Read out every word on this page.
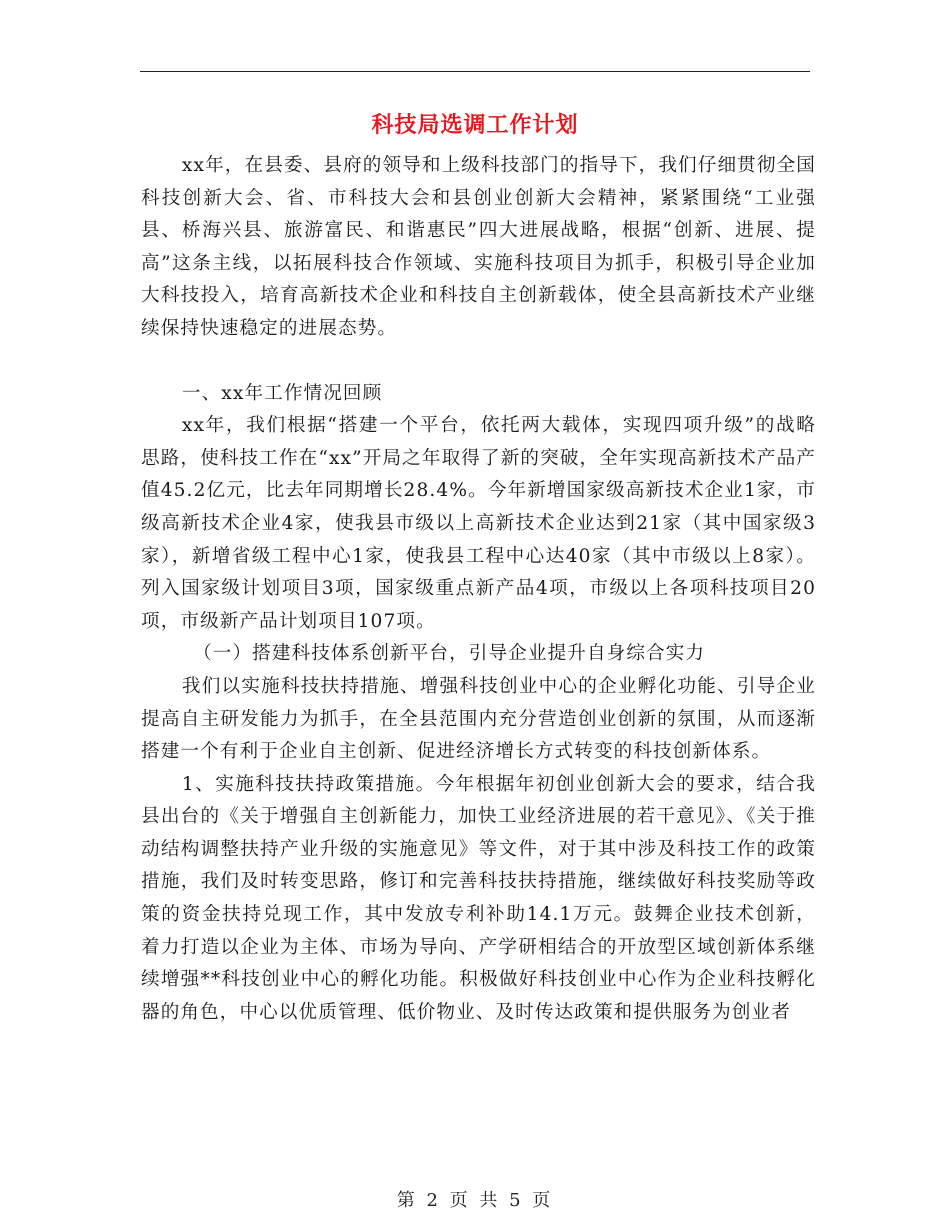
科技局选调工作计划

xx年，在县委、县府的领导和上级科技部门的指导下，我们仔细贯彻全国科技创新大会、省、市科技大会和县创业创新大会精神，紧紧围绕“工业强县、桥海兴县、旅游富民、和谐惠民”四大进展战略，根据“创新、进展、提高”这条主线，以拓展科技合作领域、实施科技项目为抓手，积极引导企业加大科技投入，培育高新技术企业和科技自主创新载体，使全县高新技术产业继续保持快速稳定的进展态势。

一、xx年工作情况回顾

xx年，我们根据“搭建一个平台，依托两大载体，实现四项升级”的战略思路，使科技工作在“xx”开局之年取得了新的突破，全年实现高新技术产品产值45.2亿元，比去年同期增长28.4%。今年新增国家级高新技术企业1家，市级高新技术企业4家，使我县市级以上高新技术企业达到21家（其中国家级3家），新增省级工程中心1家，使我县工程中心达40家（其中市级以上8家）。列入国家级计划项目3项，国家级重点新产品4项，市级以上各项科技项目20项，市级新产品计划项目107项。

（一）搭建科技体系创新平台，引导企业提升自身综合实力

我们以实施科技扶持措施、增强科技创业中心的企业孵化功能、引导企业提高自主研发能力为抓手，在全县范围内充分营造创业创新的氛围，从而逐渐搭建一个有利于企业自主创新、促进经济增长方式转变的科技创新体系。

1、实施科技扶持政策措施。今年根据年初创业创新大会的要求，结合我县出台的《关于增强自主创新能力，加快工业经济进展的若干意见》、《关于推动结构调整扶持产业升级的实施意见》等文件，对于其中涉及科技工作的政策措施，我们及时转变思路，修订和完善科技扶持措施，继续做好科技奖励等政策的资金扶持兑现工作，其中发放专利补助14.1万元。鼓舞企业技术创新，着力打造以企业为主体、市场为导向、产学研相结合的开放型区域创新体系继续增强**科技创业中心的孵化功能。积极做好科技创业中心作为企业科技孵化器的角色，中心以优质管理、低价物业、及时传达政策和提供服务为创业者

第 2 页 共 5 页
